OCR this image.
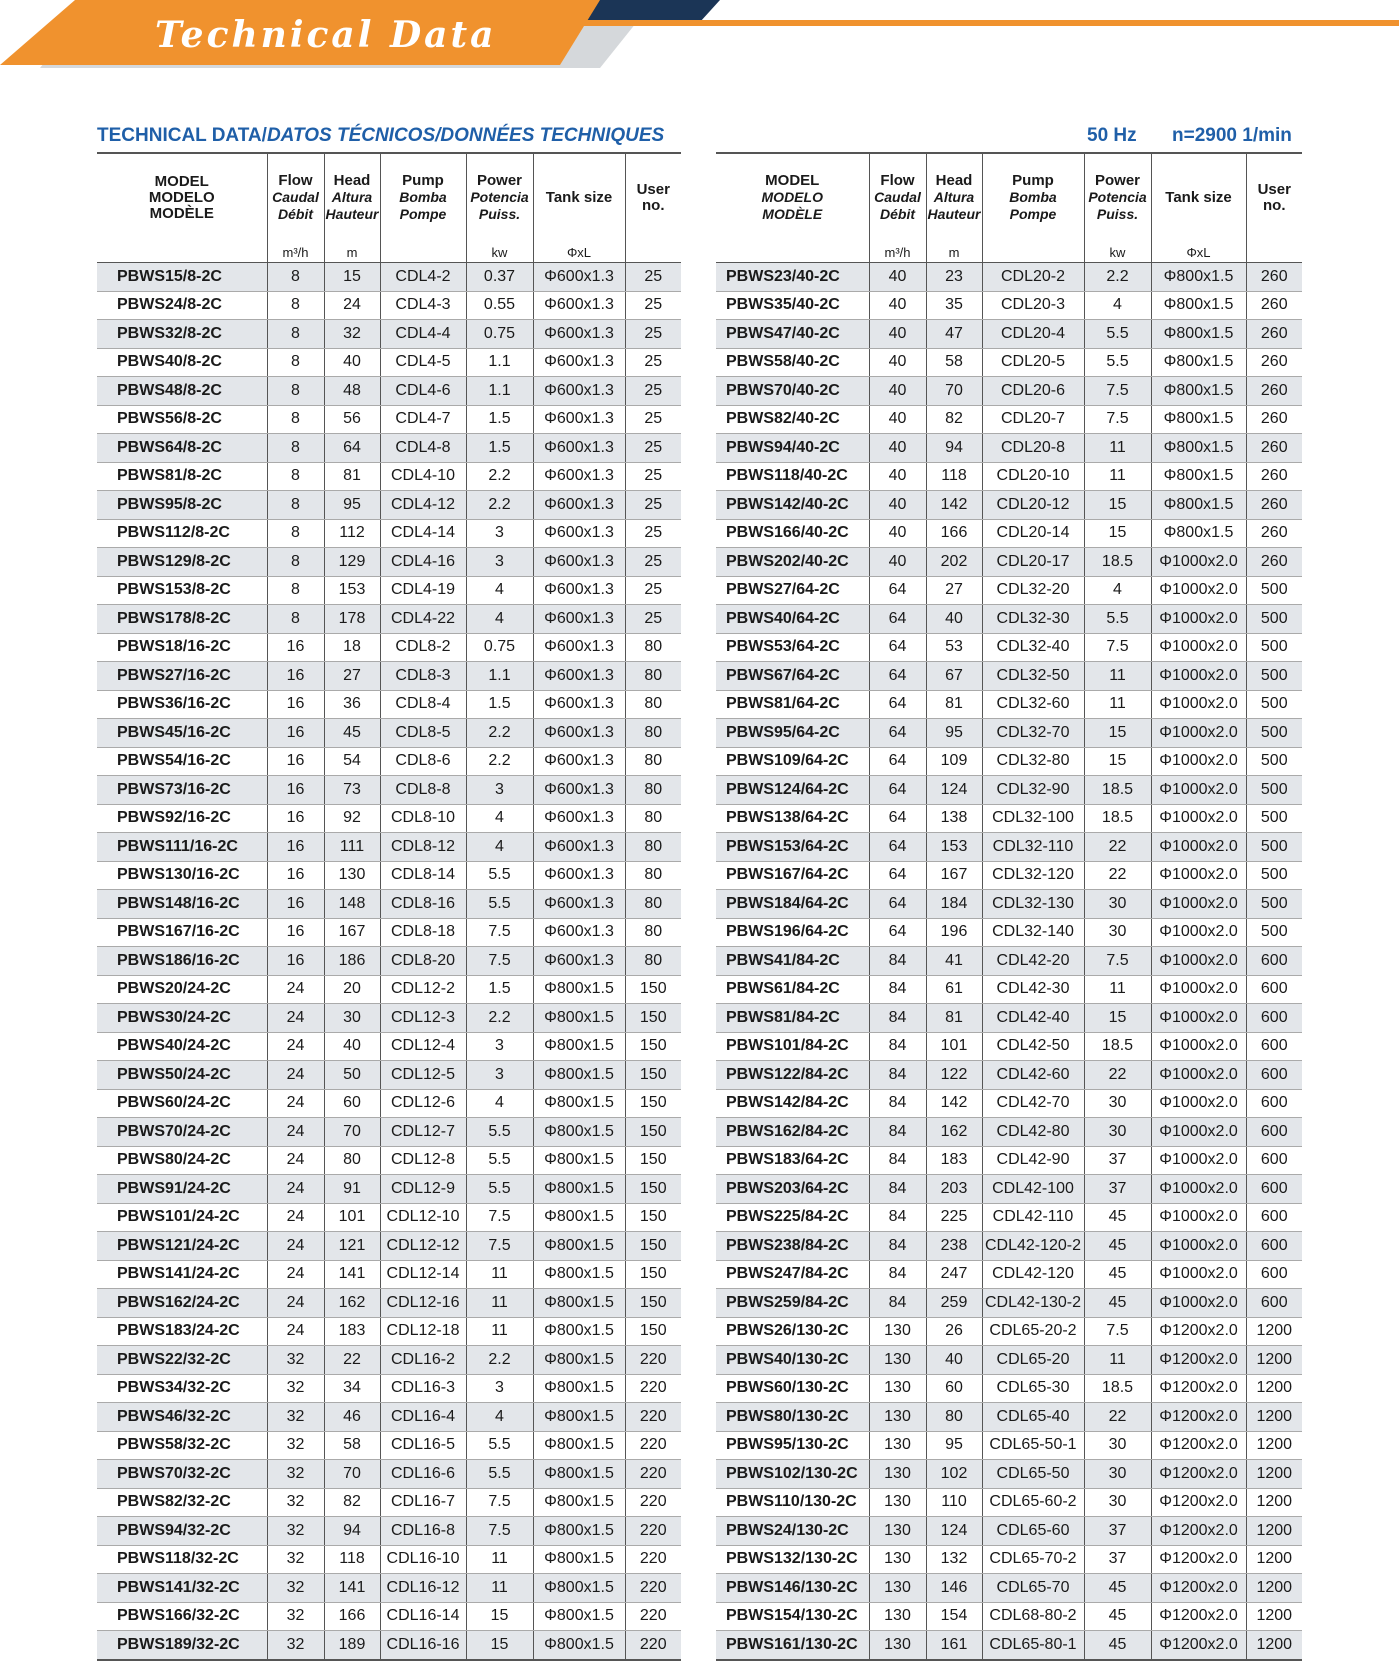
Technical Data
TECHNICAL DATA/DATOS TÉCNICOS/DONNÉES TECHNIQUES	50 Hz n=2900 1/min
MODEL
MODELO
MODÈLE	Flow
Caudal
Débit	Head
Altura
Hauteur	Pump
Bomba
Pompe	Power
Potencia
Puiss.	Tank size	User
no.
	m³/h	m		kw	ΦxL	
PBWS15/8-2C	8	15	CDL4-2	0.37	Φ600x1.3	25
PBWS24/8-2C	8	24	CDL4-3	0.55	Φ600x1.3	25
PBWS32/8-2C	8	32	CDL4-4	0.75	Φ600x1.3	25
PBWS40/8-2C	8	40	CDL4-5	1.1	Φ600x1.3	25
PBWS48/8-2C	8	48	CDL4-6	1.1	Φ600x1.3	25
PBWS56/8-2C	8	56	CDL4-7	1.5	Φ600x1.3	25
PBWS64/8-2C	8	64	CDL4-8	1.5	Φ600x1.3	25
PBWS81/8-2C	8	81	CDL4-10	2.2	Φ600x1.3	25
PBWS95/8-2C	8	95	CDL4-12	2.2	Φ600x1.3	25
PBWS112/8-2C	8	112	CDL4-14	3	Φ600x1.3	25
PBWS129/8-2C	8	129	CDL4-16	3	Φ600x1.3	25
PBWS153/8-2C	8	153	CDL4-19	4	Φ600x1.3	25
PBWS178/8-2C	8	178	CDL4-22	4	Φ600x1.3	25
PBWS18/16-2C	16	18	CDL8-2	0.75	Φ600x1.3	80
PBWS27/16-2C	16	27	CDL8-3	1.1	Φ600x1.3	80
PBWS36/16-2C	16	36	CDL8-4	1.5	Φ600x1.3	80
PBWS45/16-2C	16	45	CDL8-5	2.2	Φ600x1.3	80
PBWS54/16-2C	16	54	CDL8-6	2.2	Φ600x1.3	80
PBWS73/16-2C	16	73	CDL8-8	3	Φ600x1.3	80
PBWS92/16-2C	16	92	CDL8-10	4	Φ600x1.3	80
PBWS111/16-2C	16	111	CDL8-12	4	Φ600x1.3	80
PBWS130/16-2C	16	130	CDL8-14	5.5	Φ600x1.3	80
PBWS148/16-2C	16	148	CDL8-16	5.5	Φ600x1.3	80
PBWS167/16-2C	16	167	CDL8-18	7.5	Φ600x1.3	80
PBWS186/16-2C	16	186	CDL8-20	7.5	Φ600x1.3	80
PBWS20/24-2C	24	20	CDL12-2	1.5	Φ800x1.5	150
PBWS30/24-2C	24	30	CDL12-3	2.2	Φ800x1.5	150
PBWS40/24-2C	24	40	CDL12-4	3	Φ800x1.5	150
PBWS50/24-2C	24	50	CDL12-5	3	Φ800x1.5	150
PBWS60/24-2C	24	60	CDL12-6	4	Φ800x1.5	150
PBWS70/24-2C	24	70	CDL12-7	5.5	Φ800x1.5	150
PBWS80/24-2C	24	80	CDL12-8	5.5	Φ800x1.5	150
PBWS91/24-2C	24	91	CDL12-9	5.5	Φ800x1.5	150
PBWS101/24-2C	24	101	CDL12-10	7.5	Φ800x1.5	150
PBWS121/24-2C	24	121	CDL12-12	7.5	Φ800x1.5	150
PBWS141/24-2C	24	141	CDL12-14	11	Φ800x1.5	150
PBWS162/24-2C	24	162	CDL12-16	11	Φ800x1.5	150
PBWS183/24-2C	24	183	CDL12-18	11	Φ800x1.5	150
PBWS22/32-2C	32	22	CDL16-2	2.2	Φ800x1.5	220
PBWS34/32-2C	32	34	CDL16-3	3	Φ800x1.5	220
PBWS46/32-2C	32	46	CDL16-4	4	Φ800x1.5	220
PBWS58/32-2C	32	58	CDL16-5	5.5	Φ800x1.5	220
PBWS70/32-2C	32	70	CDL16-6	5.5	Φ800x1.5	220
PBWS82/32-2C	32	82	CDL16-7	7.5	Φ800x1.5	220
PBWS94/32-2C	32	94	CDL16-8	7.5	Φ800x1.5	220
PBWS118/32-2C	32	118	CDL16-10	11	Φ800x1.5	220
PBWS141/32-2C	32	141	CDL16-12	11	Φ800x1.5	220
PBWS166/32-2C	32	166	CDL16-14	15	Φ800x1.5	220
PBWS189/32-2C	32	189	CDL16-16	15	Φ800x1.5	220
MODEL
MODELO
MODÈLE	Flow
Caudal
Débit	Head
Altura
Hauteur	Pump
Bomba
Pompe	Power
Potencia
Puiss.	Tank size	User
no.
	m³/h	m		kw	ΦxL	
PBWS23/40-2C	40	23	CDL20-2	2.2	Φ800x1.5	260
PBWS35/40-2C	40	35	CDL20-3	4	Φ800x1.5	260
PBWS47/40-2C	40	47	CDL20-4	5.5	Φ800x1.5	260
PBWS58/40-2C	40	58	CDL20-5	5.5	Φ800x1.5	260
PBWS70/40-2C	40	70	CDL20-6	7.5	Φ800x1.5	260
PBWS82/40-2C	40	82	CDL20-7	7.5	Φ800x1.5	260
PBWS94/40-2C	40	94	CDL20-8	11	Φ800x1.5	260
PBWS118/40-2C	40	118	CDL20-10	11	Φ800x1.5	260
PBWS142/40-2C	40	142	CDL20-12	15	Φ800x1.5	260
PBWS166/40-2C	40	166	CDL20-14	15	Φ800x1.5	260
PBWS202/40-2C	40	202	CDL20-17	18.5	Φ1000x2.0	260
PBWS27/64-2C	64	27	CDL32-20	4	Φ1000x2.0	500
PBWS40/64-2C	64	40	CDL32-30	5.5	Φ1000x2.0	500
PBWS53/64-2C	64	53	CDL32-40	7.5	Φ1000x2.0	500
PBWS67/64-2C	64	67	CDL32-50	11	Φ1000x2.0	500
PBWS81/64-2C	64	81	CDL32-60	11	Φ1000x2.0	500
PBWS95/64-2C	64	95	CDL32-70	15	Φ1000x2.0	500
PBWS109/64-2C	64	109	CDL32-80	15	Φ1000x2.0	500
PBWS124/64-2C	64	124	CDL32-90	18.5	Φ1000x2.0	500
PBWS138/64-2C	64	138	CDL32-100	18.5	Φ1000x2.0	500
PBWS153/64-2C	64	153	CDL32-110	22	Φ1000x2.0	500
PBWS167/64-2C	64	167	CDL32-120	22	Φ1000x2.0	500
PBWS184/64-2C	64	184	CDL32-130	30	Φ1000x2.0	500
PBWS196/64-2C	64	196	CDL32-140	30	Φ1000x2.0	500
PBWS41/84-2C	84	41	CDL42-20	7.5	Φ1000x2.0	600
PBWS61/84-2C	84	61	CDL42-30	11	Φ1000x2.0	600
PBWS81/84-2C	84	81	CDL42-40	15	Φ1000x2.0	600
PBWS101/84-2C	84	101	CDL42-50	18.5	Φ1000x2.0	600
PBWS122/84-2C	84	122	CDL42-60	22	Φ1000x2.0	600
PBWS142/84-2C	84	142	CDL42-70	30	Φ1000x2.0	600
PBWS162/84-2C	84	162	CDL42-80	30	Φ1000x2.0	600
PBWS183/64-2C	84	183	CDL42-90	37	Φ1000x2.0	600
PBWS203/64-2C	84	203	CDL42-100	37	Φ1000x2.0	600
PBWS225/84-2C	84	225	CDL42-110	45	Φ1000x2.0	600
PBWS238/84-2C	84	238	CDL42-120-2	45	Φ1000x2.0	600
PBWS247/84-2C	84	247	CDL42-120	45	Φ1000x2.0	600
PBWS259/84-2C	84	259	CDL42-130-2	45	Φ1000x2.0	600
PBWS26/130-2C	130	26	CDL65-20-2	7.5	Φ1200x2.0	1200
PBWS40/130-2C	130	40	CDL65-20	11	Φ1200x2.0	1200
PBWS60/130-2C	130	60	CDL65-30	18.5	Φ1200x2.0	1200
PBWS80/130-2C	130	80	CDL65-40	22	Φ1200x2.0	1200
PBWS95/130-2C	130	95	CDL65-50-1	30	Φ1200x2.0	1200
PBWS102/130-2C	130	102	CDL65-50	30	Φ1200x2.0	1200
PBWS110/130-2C	130	110	CDL65-60-2	30	Φ1200x2.0	1200
PBWS24/130-2C	130	124	CDL65-60	37	Φ1200x2.0	1200
PBWS132/130-2C	130	132	CDL65-70-2	37	Φ1200x2.0	1200
PBWS146/130-2C	130	146	CDL65-70	45	Φ1200x2.0	1200
PBWS154/130-2C	130	154	CDL68-80-2	45	Φ1200x2.0	1200
PBWS161/130-2C	130	161	CDL65-80-1	45	Φ1200x2.0	1200
